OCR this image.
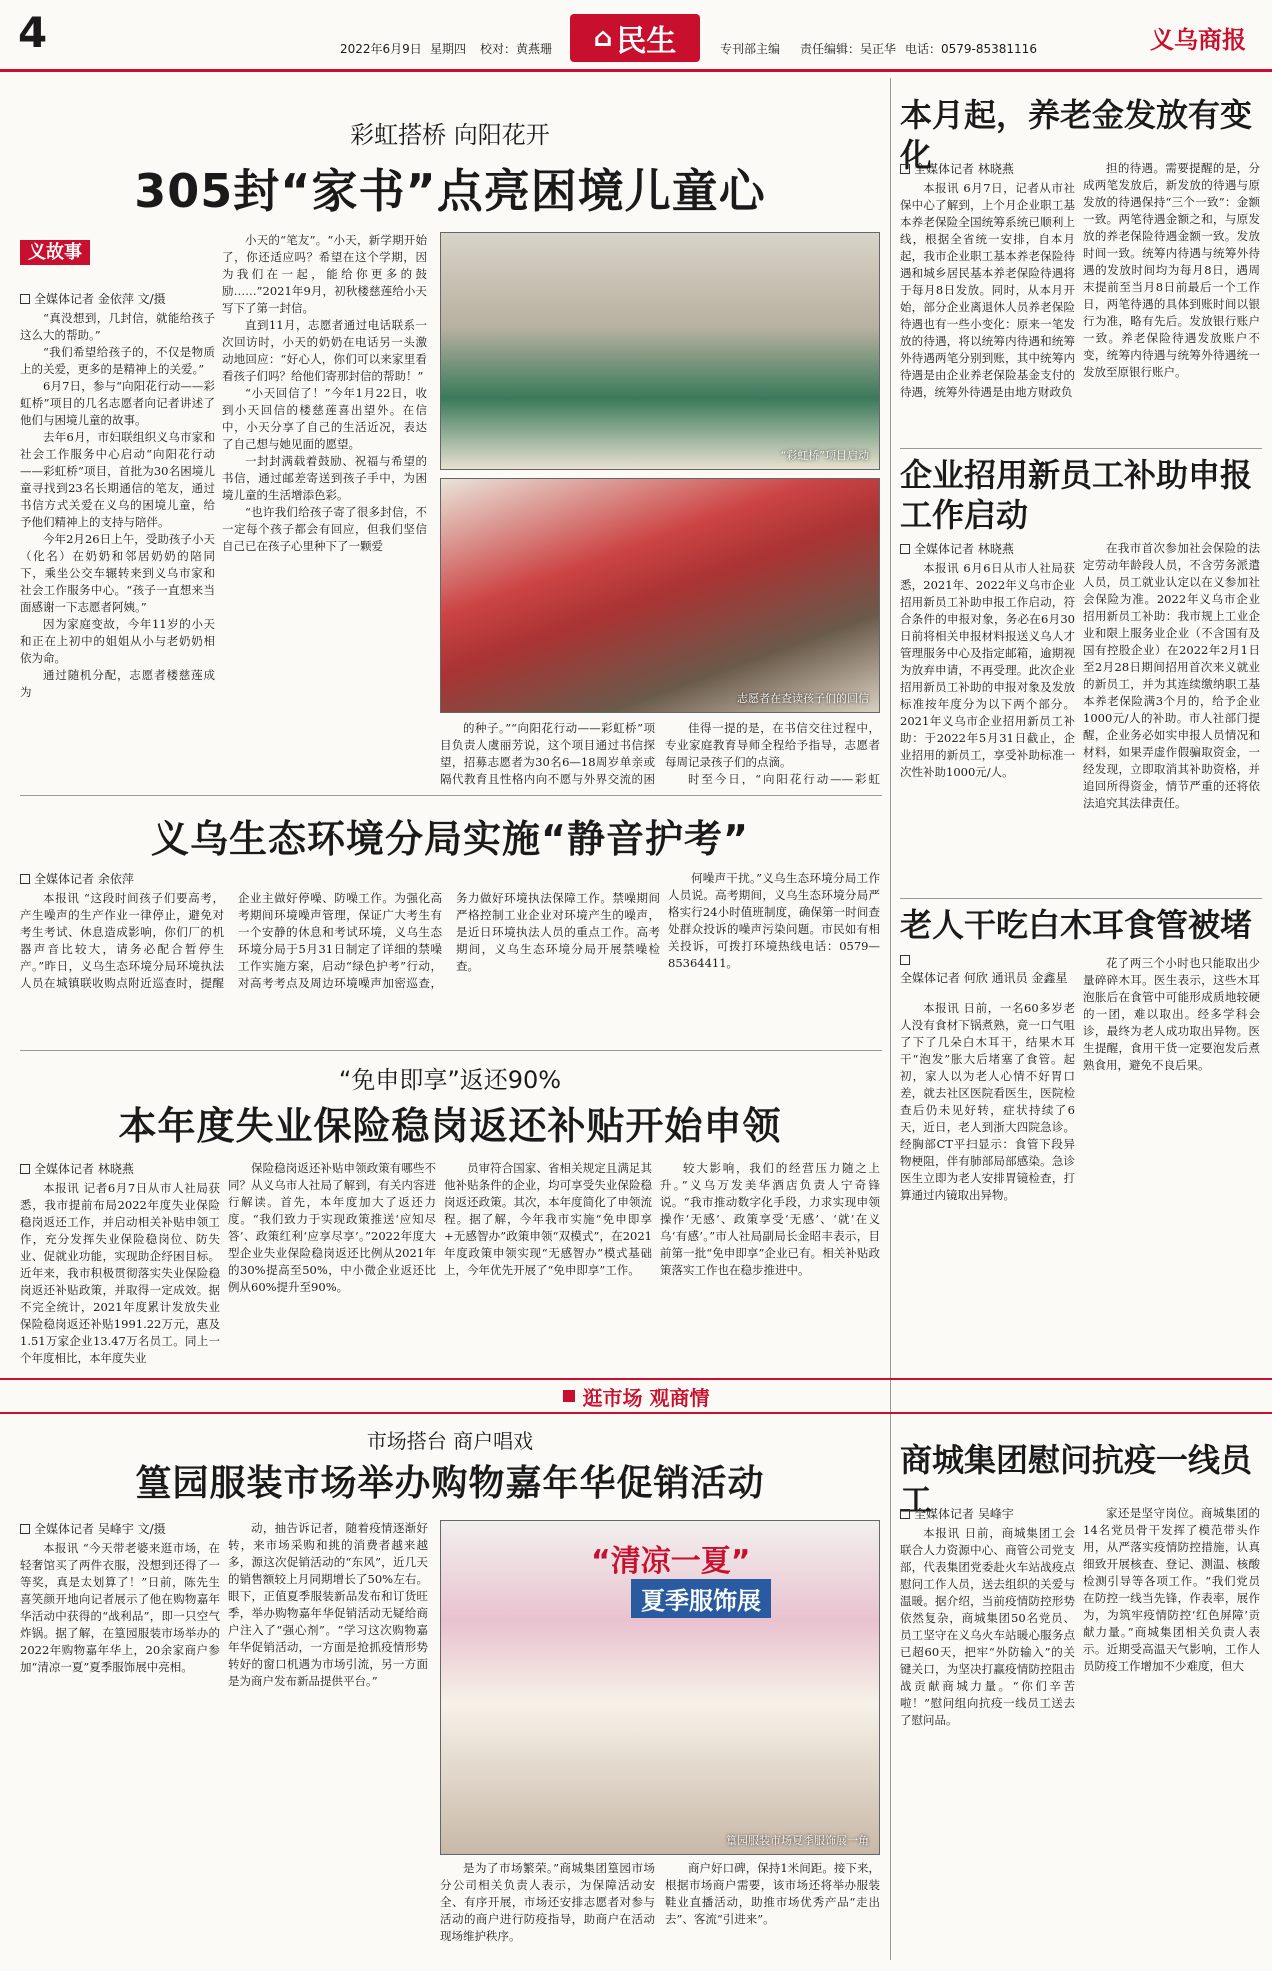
4	2022年6月9日 星期四 校对：黄燕珊 ⌂ 民生	专刊部主编 责任编辑：吴正华 电话：0579-85381116	义乌商报
彩虹搭桥 向阳花开
305封“家书”点亮困境儿童心
义故事
全媒体记者 金依萍 文/摄

“真没想到，几封信，就能给孩子这么大的帮助。”

“我们希望给孩子的，不仅是物质上的关爱，更多的是精神上的关爱。”

6月7日，参与“向阳花行动——彩虹桥”项目的几名志愿者向记者讲述了他们与困境儿童的故事。

去年6月，市妇联组织义乌市家和社会工作服务中心启动“向阳花行动——彩虹桥”项目，首批为30名困境儿童寻找到23名长期通信的笔友，通过书信方式关爱在义乌的困境儿童，给予他们精神上的支持与陪伴。

今年2月26日上午，受助孩子小天（化名）在奶奶和邻居奶奶的陪同下，乘坐公交车辗转来到义乌市家和社会工作服务中心。“孩子一直想来当面感谢一下志愿者阿姨。”

因为家庭变故，今年11岁的小天和正在上初中的姐姐从小与老奶奶相依为命。

通过随机分配，志愿者楼慈莲成为

小天的“笔友”。“小天，新学期开始了，你还适应吗？希望在这个学期，因为我们在一起，能给你更多的鼓励……”2021年9月，初秋楼慈莲给小天写下了第一封信。

直到11月，志愿者通过电话联系一次回访时，小天的奶奶在电话另一头激动地回应：“好心人，你们可以来家里看看孩子们吗？给他们寄那封信的帮助！”

“小天回信了！”今年1月22日，收到小天回信的楼慈莲喜出望外。在信中，小天分享了自己的生活近况，表达了自己想与她见面的愿望。

一封封满载着鼓励、祝福与希望的书信，通过邮差寄送到孩子手中，为困境儿童的生活增添色彩。

“也许我们给孩子寄了很多封信，不一定每个孩子都会有回应，但我们坚信自己已在孩子心里种下了一颗爱

“彩虹桥”项目启动
志愿者在查读孩子们的回信

的种子。”“向阳花行动——彩虹桥”项目负责人虞丽芳说，这个项目通过书信探望，招募志愿者为30名6—18周岁单亲或隔代教育且性格内向不愿与外界交流的困

佳得一提的是，在书信交往过程中，专业家庭教育导师全程给予指导，志愿者每周记录孩子们的点滴。

时至今日，“向阳花行动——彩虹

义乌生态环境分局实施“静音护考”
全媒体记者 余依萍

本报讯 “这段时间孩子们要高考，产生噪声的生产作业一律停止，避免对考生考试、休息造成影响，你们厂的机器声音比较大，请务必配合暂停生产。”昨日，义乌生态环境分局环境执法人员在城镇联收购点附近巡查时，提醒企业主做好停噪、防噪工作。为强化高考期间环境噪声管理，保证广大考生有一个安静的休息和考试环境，义乌生态环境分局于5月31日制定了详细的禁噪工作实施方案，启动“绿色护考”行动，对高考考点及周边环境噪声加密巡查，务力做好环境执法保障工作。禁噪期间严格控制工业企业对环境产生的噪声，是近日环境执法人员的重点工作。高考期间，义乌生态环境分局开展禁噪检查。

何噪声干扰。”义乌生态环境分局工作人员说。高考期间，义乌生态环境分局严格实行24小时值班制度，确保第一时间查处群众投诉的噪声污染问题。市民如有相关投诉，可拨打环境热线电话：0579—85364411。

“免申即享”返还90%
本年度失业保险稳岗返还补贴开始申领
全媒体记者 林晓燕

本报讯 记者6月7日从市人社局获悉，我市提前布局2022年度失业保险稳岗返还工作，并启动相关补贴申领工作，充分发挥失业保险稳岗位、防失业、促就业功能，实现助企纾困目标。近年来，我市积极贯彻落实失业保险稳岗返还补贴政策，并取得一定成效。据不完全统计，2021年度累计发放失业保险稳岗返还补贴1991.22万元，惠及1.51万家企业13.47万名员工。同上一个年度相比，本年度失业

保险稳岗返还补贴申领政策有哪些不同？从义乌市人社局了解到，有关内容进行解读。首先，本年度加大了返还力度。“我们致力于实现政策推送‘应知尽答’、政策红利‘应享尽享’。”2022年度大型企业失业保险稳岗返还比例从2021年的30%提高至50%，中小微企业返还比例从60%提升至90%。

员审符合国家、省相关规定且满足其他补贴条件的企业，均可享受失业保险稳岗返还政策。其次，本年度简化了申领流程。据了解，今年我市实施“免申即享+无感智办”政策申领“双模式”，在2021年度政策申领实现“无感智办”模式基础上，今年优先开展了“免申即享”工作。

较大影响，我们的经营压力随之上升。”义乌万发美华酒店负责人宁奇锋说。“我市推动数字化手段，力求实现申领操作‘无感’、政策享受‘无感’、‘就’在义乌‘有感’。”市人社局副局长金昭丰表示，目前第一批“免申即享”企业已有。相关补贴政策落实工作也在稳步推进中。

本月起，养老金发放有变化
全媒体记者 林晓燕

本报讯 6月7日，记者从市社保中心了解到，上个月企业职工基本养老保险全国统筹系统已顺利上线，根据全省统一安排，自本月起，我市企业职工基本养老保险待遇和城乡居民基本养老保险待遇将于每月8日发放。同时，从本月开始，部分企业离退休人员养老保险待遇也有一些小变化：原来一笔发放的待遇，将以统筹内待遇和统筹外待遇两笔分别到账，其中统筹内待遇是由企业养老保险基金支付的待遇，统筹外待遇是由地方财政负

担的待遇。需要提醒的是，分成两笔发放后，新发放的待遇与原发放的待遇保持“三个一致”：金额一致。两笔待遇金额之和，与原发放的养老保险待遇金额一致。发放时间一致。统筹内待遇与统筹外待遇的发放时间均为每月8日，遇周末提前至当月8日前最后一个工作日，两笔待遇的具体到账时间以银行为准，略有先后。发放银行账户一致。养老保险待遇发放账户不变，统筹内待遇与统筹外待遇统一发放至原银行账户。

企业招用新员工补助申报工作启动
全媒体记者 林晓燕

本报讯 6月6日从市人社局获悉，2021年、2022年义乌市企业招用新员工补助申报工作启动，符合条件的申报对象，务必在6月30日前将相关申报材料报送义乌人才管理服务中心及指定邮箱，逾期视为放弃申请，不再受理。此次企业招用新员工补助的申报对象及发放标准按年度分为以下两个部分。2021年义乌市企业招用新员工补助：于2022年5月31日截止，企业招用的新员工，享受补助标准一次性补助1000元/人。

在我市首次参加社会保险的法定劳动年龄段人员，不含劳务派遣人员，员工就业认定以在义参加社会保险为准。2022年义乌市企业招用新员工补助：我市规上工业企业和限上服务业企业（不含国有及国有控股企业）在2022年2月1日至2月28日期间招用首次来义就业的新员工，并为其连续缴纳职工基本养老保险满3个月的，给予企业1000元/人的补助。市人社部门提醒，企业务必如实申报人员情况和材料，如果弄虚作假骗取资金，一经发现，立即取消其补助资格，并追回所得资金，情节严重的还将依法追究其法律责任。

老人干吃白木耳食管被堵
全媒体记者 何欣 通讯员 金鑫星

本报讯 日前，一名60多岁老人没有食材下锅煮熟，竟一口气咀了下了几朵白木耳干，结果木耳干“泡发”胀大后堵塞了食管。起初，家人以为老人心情不好胃口差，就去社区医院看医生，医院检查后仍未见好转，症状持续了6天，近日，老人到浙大四院急诊。经胸部CT平扫显示：食管下段异物梗阻，伴有肺部局部感染。急诊医生立即为老人安排胃镜检查，打算通过内镜取出异物。

花了两三个小时也只能取出少量碎碎木耳。医生表示，这些木耳泡胀后在食管中可能形成质地较硬的一团，难以取出。经多学科会诊，最终为老人成功取出异物。医生提醒，食用干货一定要泡发后煮熟食用，避免不良后果。

逛市场 观商情
市场搭台 商户唱戏
篁园服装市场举办购物嘉年华促销活动
全媒体记者 吴峰宇 文/摄

本报讯 “今天带老婆来逛市场，在轻奢馆买了两件衣服，没想到还得了一等奖，真是太划算了！”日前，陈先生喜笑颜开地向记者展示了他在购物嘉年华活动中获得的“战利品”，即一只空气炸锅。据了解，在篁园服装市场举办的2022年购物嘉年华上，20余家商户参加“清凉一夏”夏季服饰展中亮相。

动，抽告诉记者，随着疫情逐渐好转，来市场采购和挑的消费者越来越多，源这次促销活动的“东风”，近几天的销售额较上月同期增长了50%左右。眼下，正值夏季服装新品发布和订货旺季，举办购物嘉年华促销活动无疑给商户注入了“强心剂”。“学习这次购物嘉年华促销活动，一方面是抢抓疫情形势转好的窗口机遇为市场引流，另一方面是为商户发布新品提供平台。”

“清凉一夏”
夏季服饰展
篁园服装市场夏季服饰展一角

是为了市场繁荣。”商城集团篁园市场分公司相关负责人表示，为保障活动安全、有序开展，市场还安排志愿者对参与活动的商户进行防疫指导，助商户在活动现场维护秩序。

商户好口碑，保持1米间距。接下来，根据市场商户需要，该市场还将举办服装鞋业直播活动，助推市场优秀产品“走出去”、客流“引进来”。

商城集团慰问抗疫一线员工
全媒体记者 吴峰宇

本报讯 日前，商城集团工会联合人力资源中心、商管公司党支部，代表集团党委赴火车站战疫点慰问工作人员，送去组织的关爱与温暖。据介绍，当前疫情防控形势依然复杂，商城集团50名党员、员工坚守在义乌火车站暖心服务点已超60天，把牢“外防输入”的关键关口，为坚决打赢疫情防控阻击战贡献商城力量。“你们辛苦啦！”慰问组向抗疫一线员工送去了慰问品。

家还是坚守岗位。商城集团的14名党员骨干发挥了模范带头作用，从严落实疫情防控措施，认真细致开展核查、登记、测温、核酸检测引导等各项工作。“我们党员在防控一线当先锋，作表率，展作为，为筑牢疫情防控‘红色屏障’贡献力量。”商城集团相关负责人表示。近期受高温天气影响，工作人员防疫工作增加不少难度，但大
